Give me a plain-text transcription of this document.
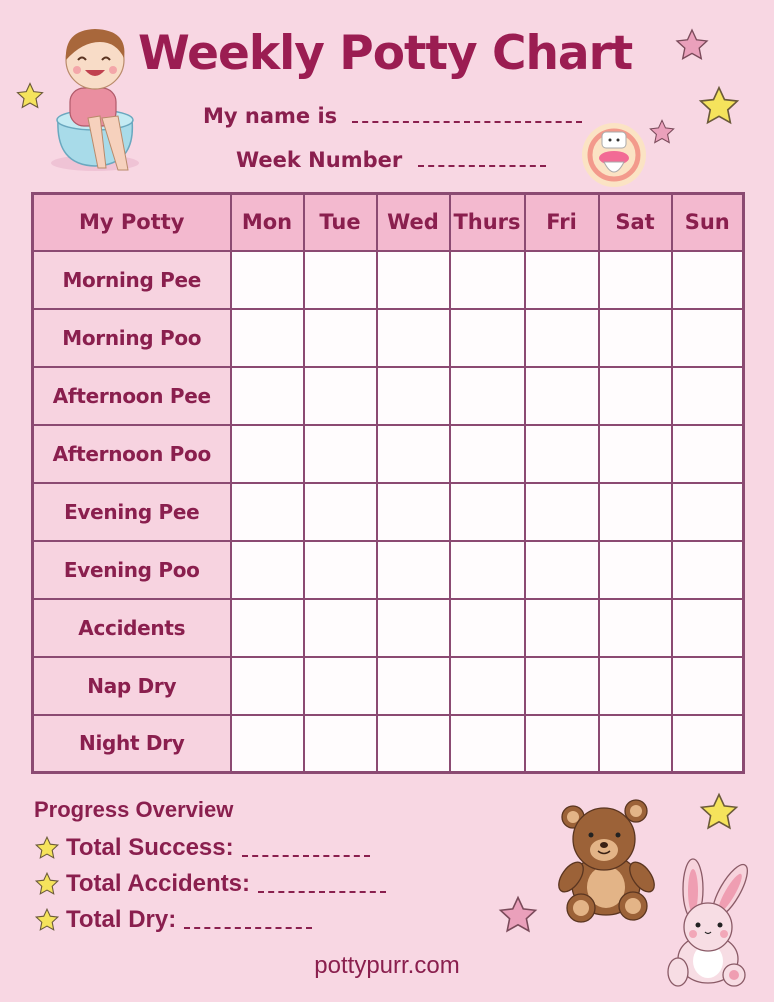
Weekly Potty Chart
My name is
Week Number
My Potty	Mon	Tue	Wed	Thurs	Fri	Sat	Sun
Morning Pee							
Morning Poo							
Afternoon Pee							
Afternoon Poo							
Evening Pee							
Evening Poo							
Accidents							
Nap Dry							
Night Dry							
Progress Overview
Total Success:
Total Accidents:
Total Dry:
pottypurr.com
